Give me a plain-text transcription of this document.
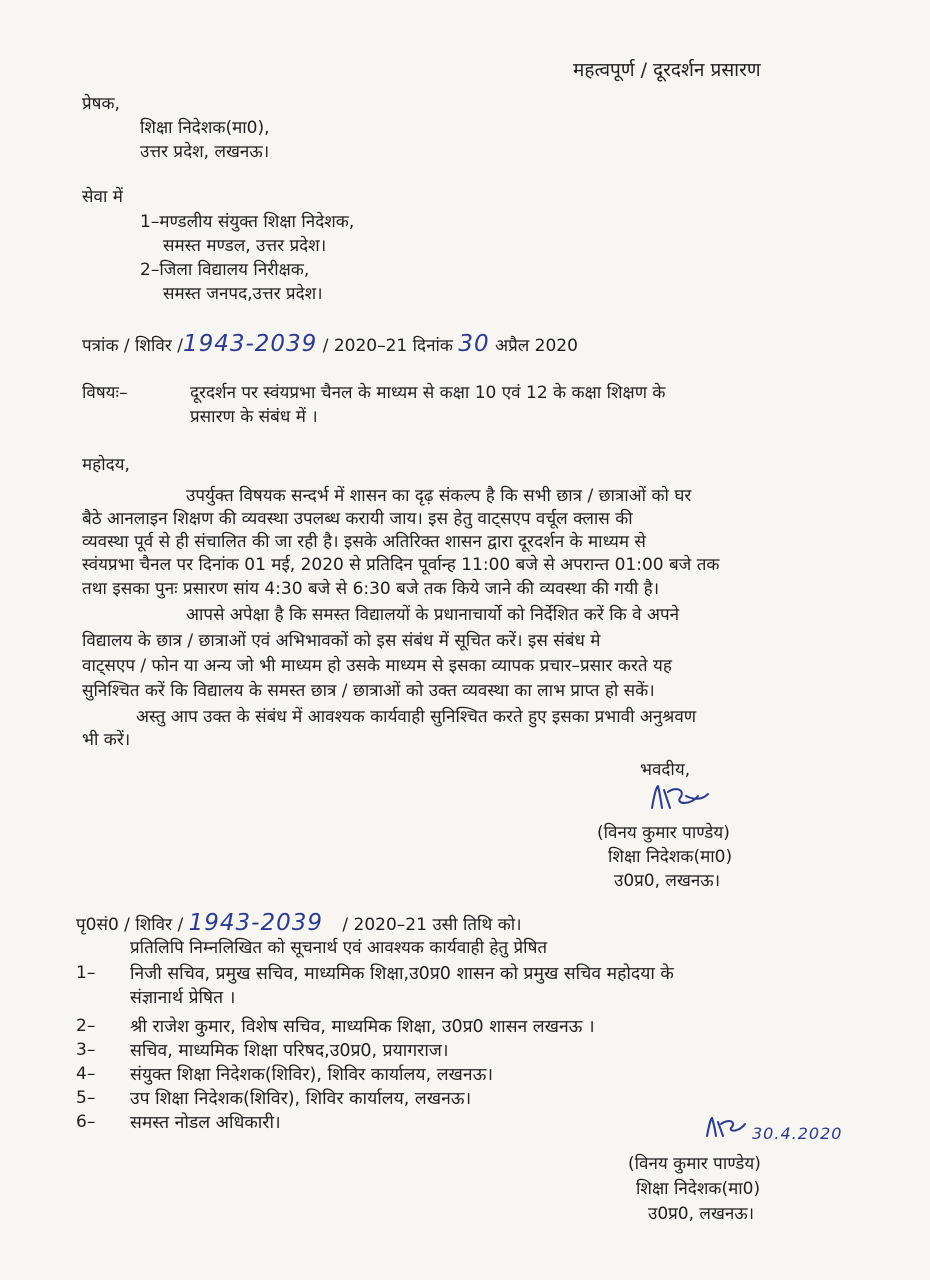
महत्वपूर्ण / दूरदर्शन प्रसारण
प्रेषक,
शिक्षा निदेशक(मा0),
उत्तर प्रदेश, लखनऊ।
सेवा में
1–मण्डलीय संयुक्त शिक्षा निदेशक,
समस्त मण्डल, उत्तर प्रदेश।
2–जिला विद्यालय निरीक्षक,
समस्त जनपद,उत्तर प्रदेश।
पत्रांक / शिविर /1943-2039 / 2020–21 दिनांक 30 अप्रैल 2020
विषयः–	दूरदर्शन पर स्वंयप्रभा चैनल के माध्यम से कक्षा 10 एवं 12 के कक्षा शिक्षण के
प्रसारण के संबंध में ।
महोदय,
उपर्युक्त विषयक सन्दर्भ में शासन का दृढ़ संकल्प है कि सभी छात्र / छात्राओं को घर
बैठे आनलाइन शिक्षण की व्यवस्था उपलब्ध करायी जाय। इस हेतु वाट्सएप वर्चूल क्लास की
व्यवस्था पूर्व से ही संचालित की जा रही है। इसके अतिरिक्त शासन द्वारा दूरदर्शन के माध्यम से
स्वंयप्रभा चैनल पर दिनांक 01 मई, 2020 से प्रतिदिन पूर्वान्ह 11:00 बजे से अपरान्त 01:00 बजे तक
तथा इसका पुनः प्रसारण सांय 4:30 बजे से 6:30 बजे तक किये जाने की व्यवस्था की गयी है।
आपसे अपेक्षा है कि समस्त विद्यालयों के प्रधानाचार्यो को निर्देशित करें कि वे अपने
विद्यालय के छात्र / छात्राओं एवं अभिभावकों को इस संबंध में सूचित करें। इस संबंध मे
वाट्सएप / फोन या अन्य जो भी माध्यम हो उसके माध्यम से इसका व्यापक प्रचार–प्रसार करते यह
सुनिश्चित करें कि विद्यालय के समस्त छात्र / छात्राओं को उक्त व्यवस्था का लाभ प्राप्त हो सकें।
अस्तु आप उक्त के संबंध में आवश्यक कार्यवाही सुनिश्चित करते हुए इसका प्रभावी अनुश्रवण
भी करें।
भवदीय,
(विनय कुमार पाण्डेय)
शिक्षा निदेशक(मा0)
उ0प्र0, लखनऊ।
पृ0सं0 / शिविर / 1943-2039 / 2020–21 उसी तिथि को।
प्रतिलिपि निम्नलिखित को सूचनार्थ एवं आवश्यक कार्यवाही हेतु प्रेषित
1– निजी सचिव, प्रमुख सचिव, माध्यमिक शिक्षा,उ0प्र0 शासन को प्रमुख सचिव महोदया के
संज्ञानार्थ प्रेषित ।
2– श्री राजेश कुमार, विशेष सचिव, माध्यमिक शिक्षा, उ0प्र0 शासन लखनऊ ।
3– सचिव, माध्यमिक शिक्षा परिषद,उ0प्र0, प्रयागराज।
4– संयुक्त शिक्षा निदेशक(शिविर), शिविर कार्यालय, लखनऊ।
5– उप शिक्षा निदेशक(शिविर), शिविर कार्यालय, लखनऊ।
6– समस्त नोडल अधिकारी।
30.4.2020
(विनय कुमार पाण्डेय)
शिक्षा निदेशक(मा0)
उ0प्र0, लखनऊ।
